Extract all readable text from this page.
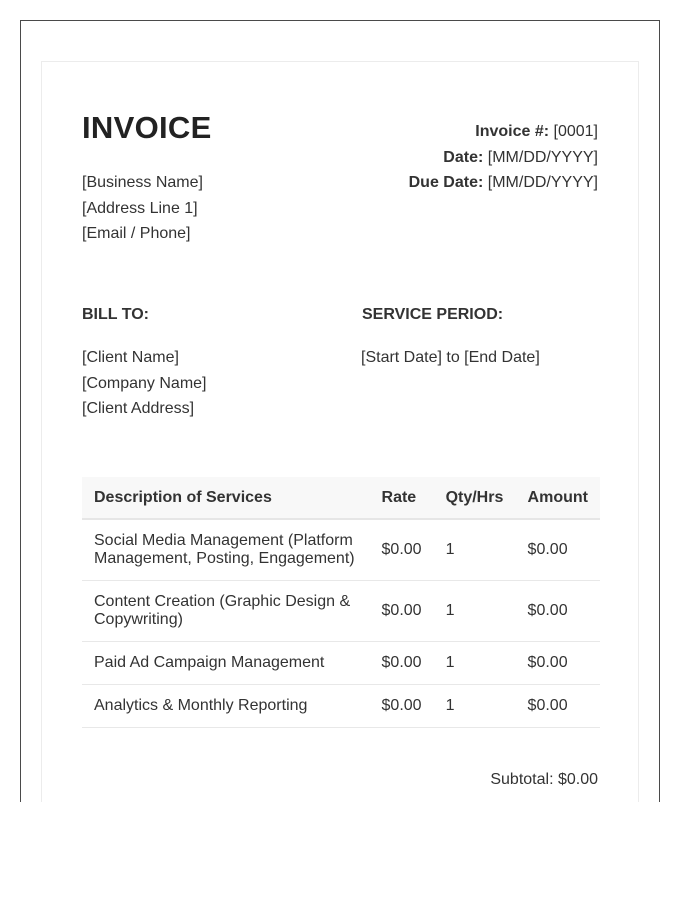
INVOICE	Invoice #: [0001]
Date: [MM/DD/YYYY]
Due Date: [MM/DD/YYYY]
[Business Name]
[Address Line 1]
[Email / Phone]
BILL TO:	SERVICE PERIOD:
[Client Name]
[Company Name]
[Client Address]
[Start Date] to [End Date]
Description of Services	Rate	Qty/Hrs	Amount
Social Media Management (Platform Management, Posting, Engagement)	$0.00	1	$0.00
Content Creation (Graphic Design & Copywriting)	$0.00	1	$0.00
Paid Ad Campaign Management	$0.00	1	$0.00
Analytics & Monthly Reporting	$0.00	1	$0.00
Subtotal: $0.00
